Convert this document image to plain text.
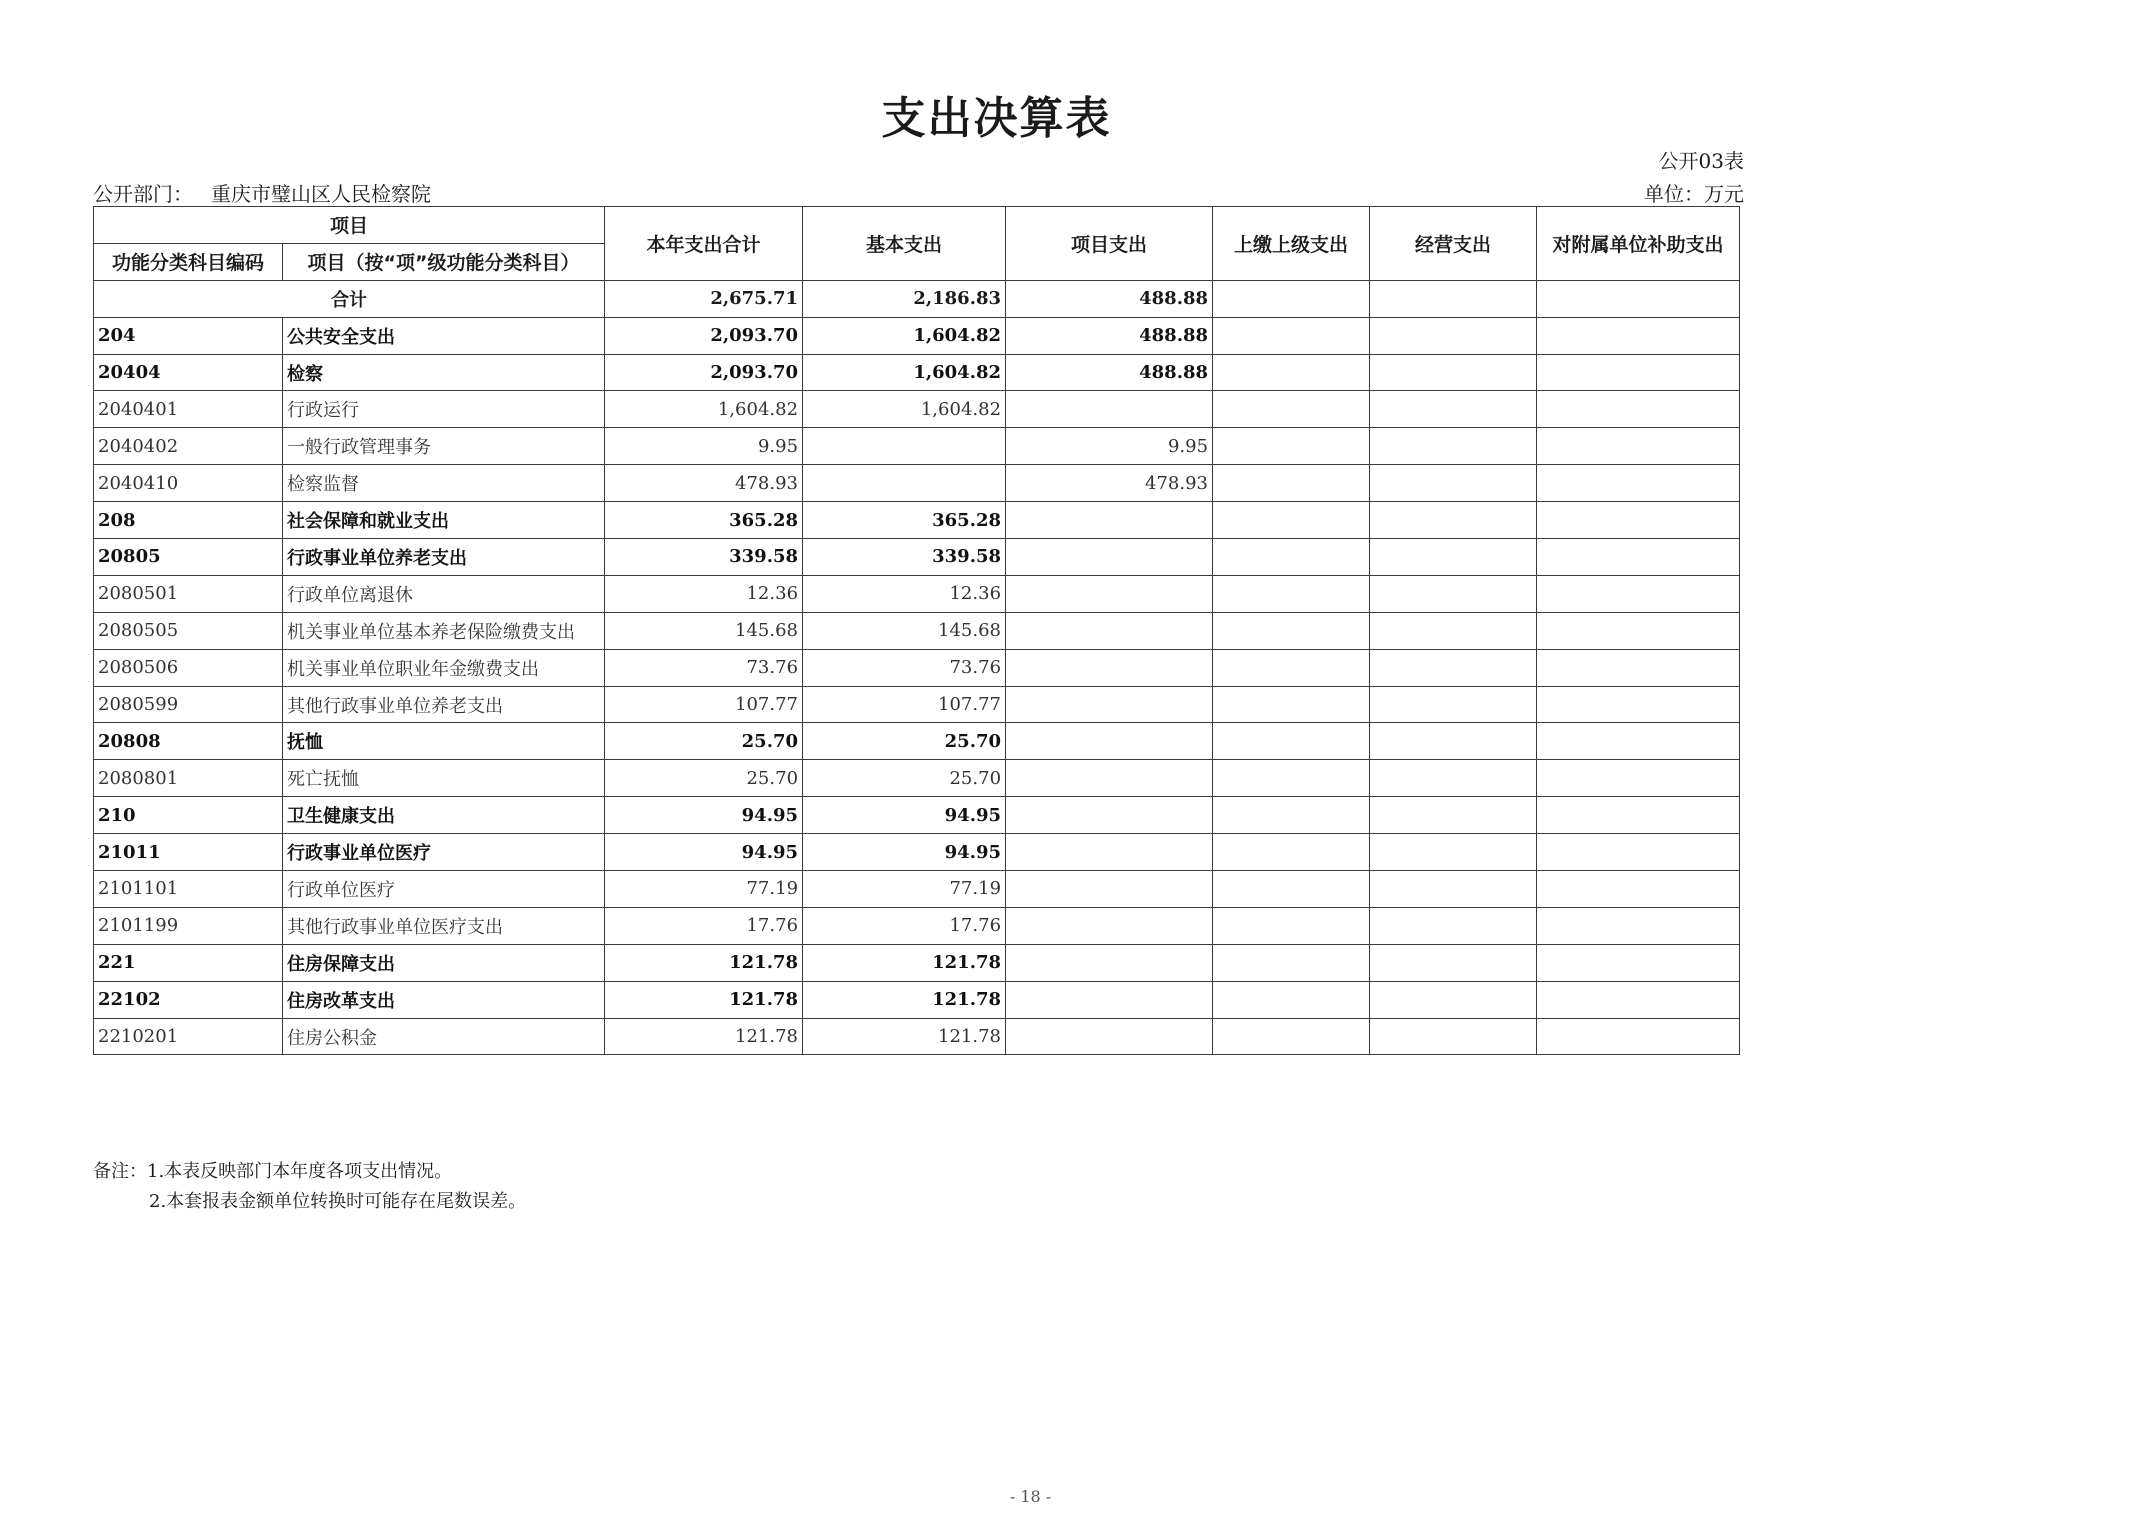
支出决算表
公开03表
公开部门： 重庆市璧山区人民检察院	单位：万元
项目		本年支出合计	基本支出	项目支出	上缴上级支出	经营支出	对附属单位补助支出
功能分类科目编码	项目（按“项”级功能分类科目）						
合计		2,675.71	2,186.83	488.88			
204	公共安全支出	2,093.70	1,604.82	488.88			
20404	检察	2,093.70	1,604.82	488.88			
2040401	行政运行	1,604.82	1,604.82				
2040402	一般行政管理事务	9.95		9.95			
2040410	检察监督	478.93		478.93			
208	社会保障和就业支出	365.28	365.28				
20805	行政事业单位养老支出	339.58	339.58				
2080501	行政单位离退休	12.36	12.36				
2080505	机关事业单位基本养老保险缴费支出	145.68	145.68				
2080506	机关事业单位职业年金缴费支出	73.76	73.76				
2080599	其他行政事业单位养老支出	107.77	107.77				
20808	抚恤	25.70	25.70				
2080801	死亡抚恤	25.70	25.70				
210	卫生健康支出	94.95	94.95				
21011	行政事业单位医疗	94.95	94.95				
2101101	行政单位医疗	77.19	77.19				
2101199	其他行政事业单位医疗支出	17.76	17.76				
221	住房保障支出	121.78	121.78				
22102	住房改革支出	121.78	121.78				
2210201	住房公积金	121.78	121.78				
备注：1.本表反映部门本年度各项支出情况。
2.本套报表金额单位转换时可能存在尾数误差。
- 18 -
